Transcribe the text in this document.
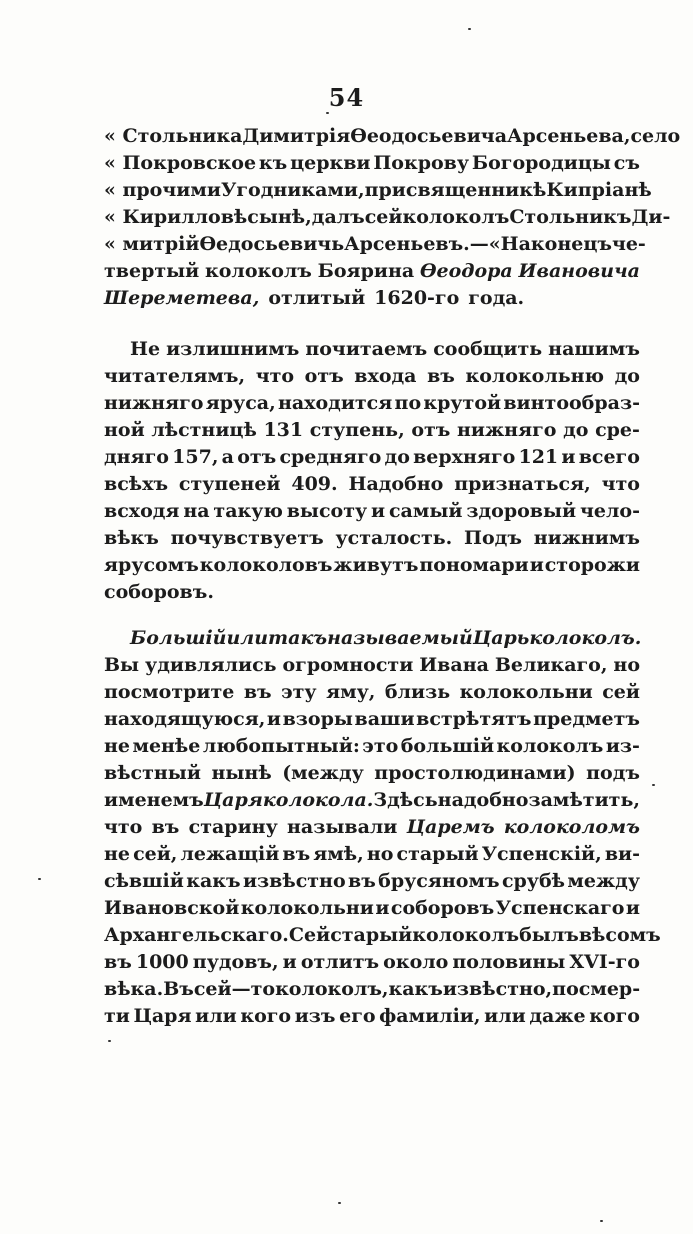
54
« Стольника Димитрія Өеодосьевича Арсеньева, село
« Покровское къ церкви Покрову Богородицы съ
« прочими Угодниками, при священникѣ Кипріанѣ
« Кирилловѣ сынѣ, далъсейколоколъ Стольникъ Ди-
« митрій Өедосьевичь Арсеньевъ.— « Наконецъ че-
твертый колоколъ Боярина Өеодора Ивановича
Шереметева, отлитый 1620-го года.
Не излишнимъ почитаемъ сообщить нашимъ
читателямъ, что отъ входа въ колокольню до
нижняго яруса, находится по крутой винтообраз-
ной лѣстницѣ 131 ступень, отъ нижняго до сре-
дняго 157, а отъ средняго до верхняго 121 и всего
всѣхъ ступеней 409. Надобно признаться, что
всходя на такую высоту и самый здоровый чело-
вѣкъ почувствуетъ усталость. Подъ нижнимъ
ярусомъ колоколовъ живутъ пономари и сторожи
соборовъ.
Большій или такъ называемый Царь колоколъ.
Вы удивлялись огромности Ивана Великаго, но
посмотрите въ эту яму, близь колокольни сей
находящуюся, и взоры ваши встрѣтятъ предметъ
не менѣе любопытный: это большій колоколъ из-
вѣстный нынѣ (между простолюдинами) подъ
именемъ Царя колокола. Здѣсь надобно замѣтить,
что въ старину называли Царемъ колоколомъ
не сей, лежащій въ ямѣ, но старый Успенскій, ви-
сѣвшій какъ извѣстно въ брусяномъ срубѣ между
Ивановской колокольни и соборовъ Успенскаго и
Архангельскаго. Сей старый колоколъ былъ вѣсомъ
въ 1000 пудовъ, и отлитъ около половины XVI-го
вѣка. Въ сей—то колоколъ, какъ извѣстно, по смер-
ти Царя или кого изъ его фамиліи, или даже кого
